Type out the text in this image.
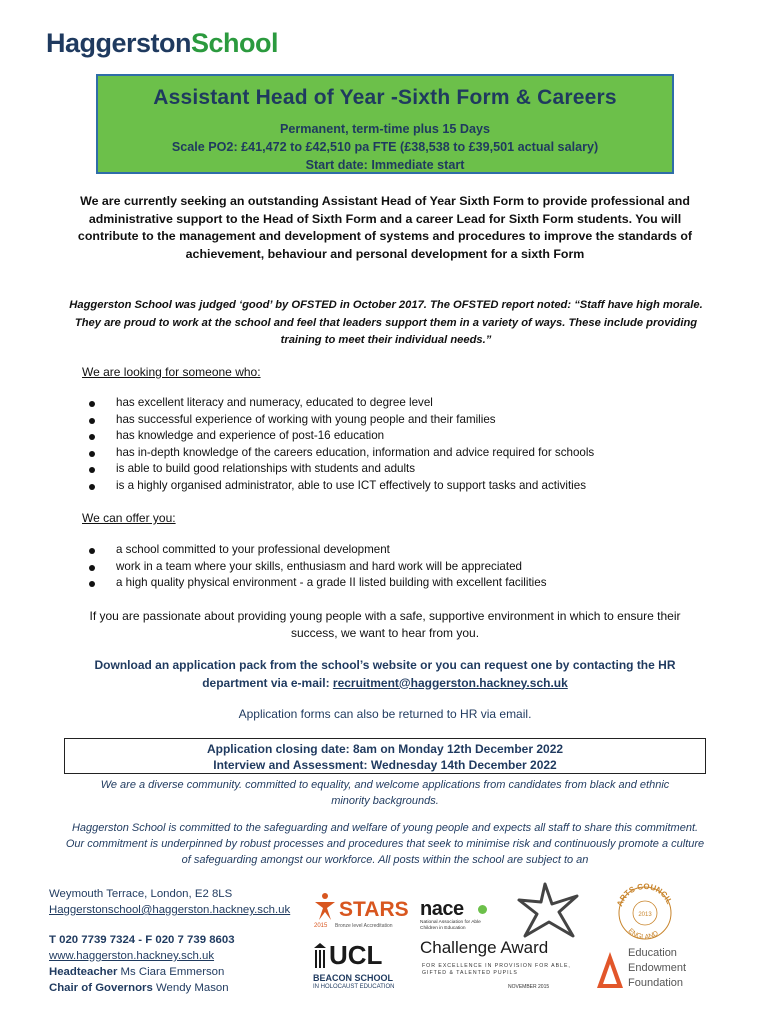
HaggerstonSchool
Assistant Head of Year -Sixth Form & Careers
Permanent, term-time plus 15 Days
Scale PO2: £41,472 to £42,510 pa FTE (£38,538 to £39,501 actual salary)
Start date: Immediate start
We are currently seeking an outstanding Assistant Head of Year Sixth Form to provide professional and administrative support to the Head of Sixth Form and a career Lead for Sixth Form students. You will contribute to the management and development of systems and procedures to improve the standards of achievement, behaviour and personal development for a sixth Form
Haggerston School was judged ‘good’ by OFSTED in October 2017. The OFSTED report noted: “Staff have high morale. They are proud to work at the school and feel that leaders support them in a variety of ways. These include providing training to meet their individual needs.”
We are looking for someone who:
has excellent literacy and numeracy, educated to degree level
has successful experience of working with young people and their families
has knowledge and experience of post-16 education
has in-depth knowledge of the careers education, information and advice required for schools
is able to build good relationships with students and adults
is a highly organised administrator, able to use ICT effectively to support tasks and activities
We can offer you:
a school committed to your professional development
work in a team where your skills, enthusiasm and hard work will be appreciated
a high quality physical environment - a grade II listed building with excellent facilities
If you are passionate about providing young people with a safe, supportive environment in which to ensure their success, we want to hear from you.
Download an application pack from the school’s website or you can request one by contacting the HR department via e-mail: recruitment@haggerston.hackney.sch.uk
Application forms can also be returned to HR via email.
Application closing date: 8am on Monday 12th December 2022
Interview and Assessment: Wednesday 14th December 2022
We are a diverse community. committed to equality, and welcome applications from candidates from black and ethnic minority backgrounds.
Haggerston School is committed to the safeguarding and welfare of young people and expects all staff to share this commitment. Our commitment is underpinned by robust processes and procedures that seek to minimise risk and continuously promote a culture of safeguarding amongst our workforce. All posts within the school are subject to an
Weymouth Terrace, London, E2 8LS
Haggerstonschool@haggerston.hackney.sch.uk
T 020 7739 7324 - F 020 7 739 8603
www.haggerston.hackney.sch.uk
Headteacher Ms Ciara Emmerson
Chair of Governors Wendy Mason
STARS
2015 Bronze level Accreditation
nace
National Association for Able Children in Education
UCL
BEACON SCHOOL
IN HOLOCAUST EDUCATION
Challenge Award
FOR EXCELLENCE IN PROVISION FOR ABLE, GIFTED & TALENTED PUPILS
NOVEMBER 2015
ARTS COUNCIL
ENGLAND
2013
Education
Endowment
Foundation
